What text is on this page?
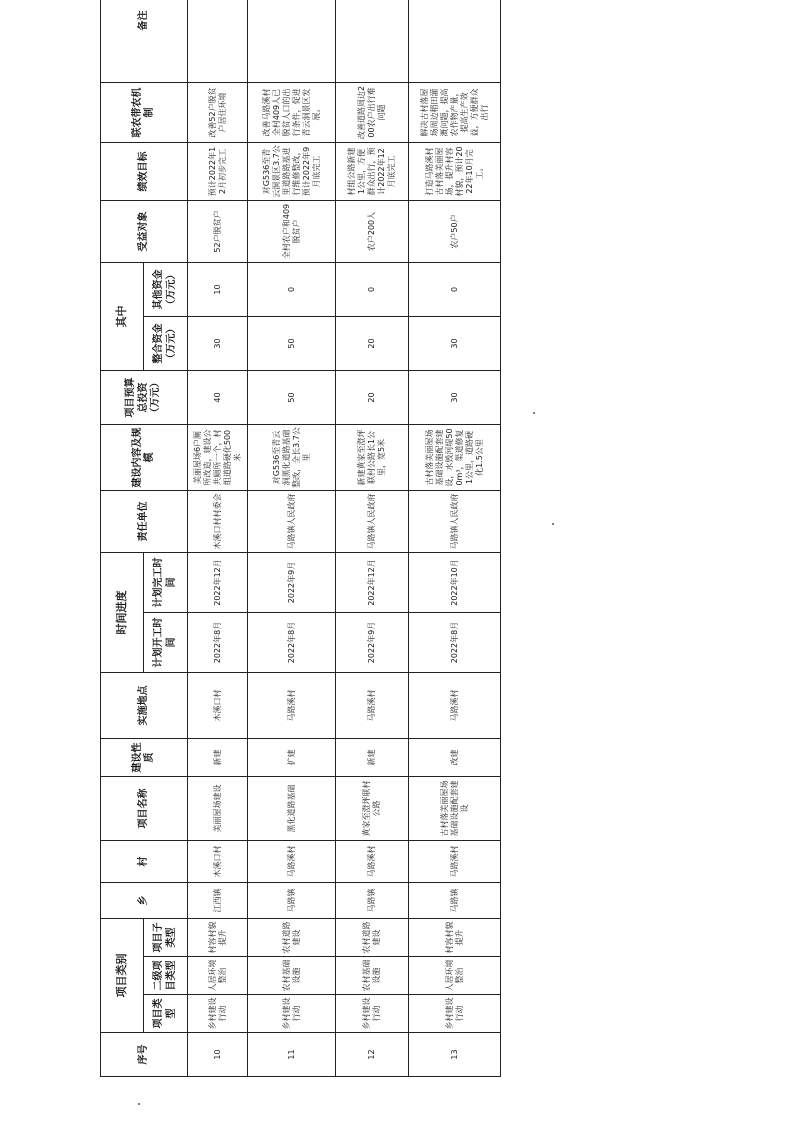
序号	项目类别			乡	村	项目名称	建设性质	实施地点	时间进度		责任单位	建设内容及规模	项目预算总投资（万元）	其中		受益对象	绩效目标	联农带农机制	备注
	项目类型	二级项目类型	项目子类型						计划开工时间	计划完工时间				整合资金（万元）	其他资金（万元）				
10	乡村建设行动	人居环境整治	村容村貌提升	江西镇	木溪口村	美丽屋场建设	新建	木溪口村	2022年8月	2022年12月	木溪口村村委会	美丽屋场6户厕所改造，建设公共厕所一个，村组道路硬化500米	40	30	10	52户脱贫户	预计2022年12月初步完工	改善52户脱贫户居住环境	
11	乡村建设行动	农村基础设施	农村道路建设	马路镇	马路溪村	黑化道路基础	扩建	马路溪村	2022年8月	2022年9月	马路镇人民政府	对G536至青云洞黑化道路基础整改，全长3.7公里	50	50	0	全村农户和409脱贫户	对G536至青云洞景区3.7公里道路路基进行维修整改，预计2022年9月底完工	改善马路溪村全村409人已脱贫人口的出行条件，促进青云洞景区发展。	
12	乡村建设行动	农村基础设施	农村道路建设	马路镇	马路溪村	黄家至澄坪联村公路	新建	马路溪村	2022年9月	2022年12月	马路镇人民政府	新建黄家至澄坪联村公路长1公里，宽5米	20	20	0	农户200人	村组公路新建1公里，方便群众出行，预计2022年12月底完工	改善道路周边200农户出行难问题	
13	乡村建设行动	人居环境整治	村容村貌提升	马路镇	马路溪村	古村落美丽屋场基础设施配套建设	改建	马路溪村	2022年8月	2022年10月	马路镇人民政府	古村落美丽屋场基础设施配套建设，水毁河堤500m³，渠道修复1公里，道路硬化1.5公里	30	30	0	农户50户	打造马路溪村古村落美丽屋场，提升村容村貌，预计2022年10月完工。	解决古村落屋场周边稻田灌溉问题，提高农作物产量，提高生产效益，方便群众出行	
